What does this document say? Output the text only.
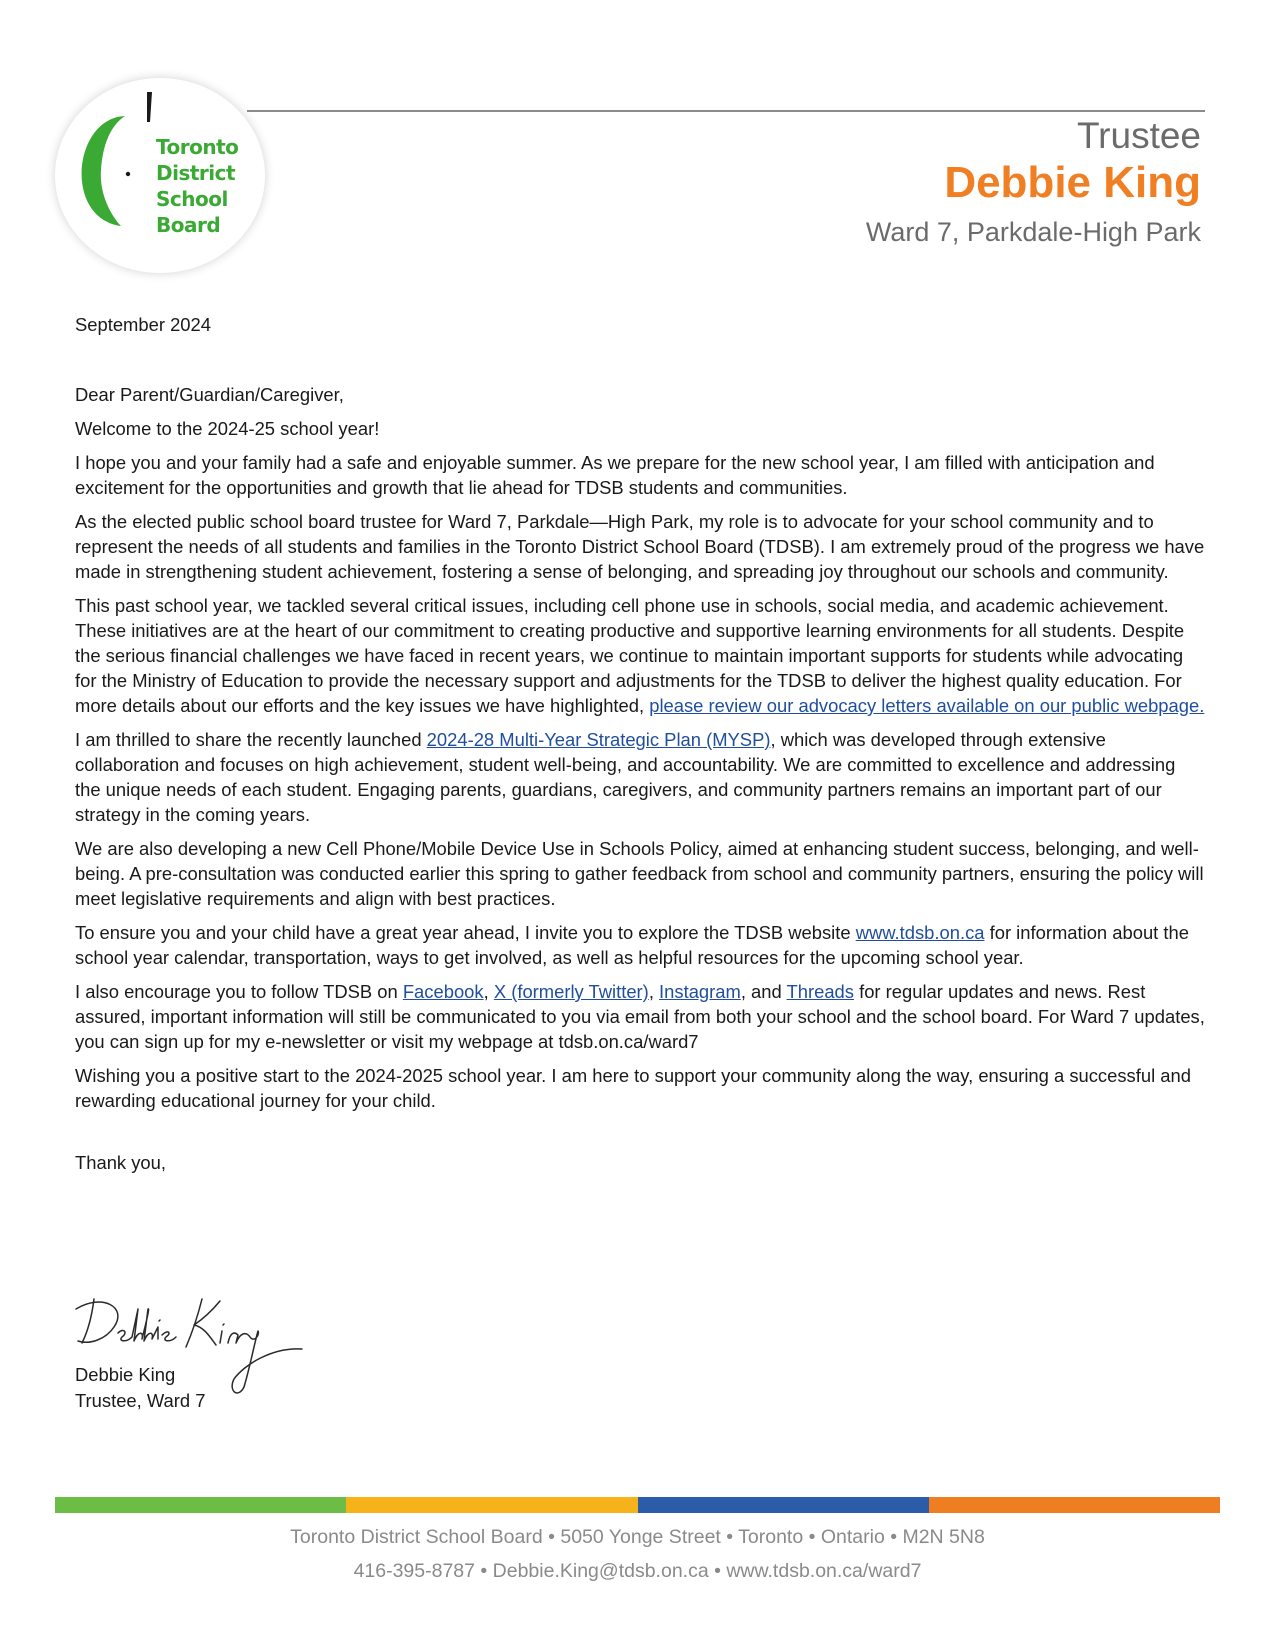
Toronto
District
School
Board
Trustee
Debbie King
Ward 7, Parkdale-High Park

September 2024

Dear Parent/Guardian/Caregiver,

Welcome to the 2024-25 school year!

I hope you and your family had a safe and enjoyable summer. As we prepare for the new school year, I am filled with anticipation and excitement for the opportunities and growth that lie ahead for TDSB students and communities.

As the elected public school board trustee for Ward 7, Parkdale—High Park, my role is to advocate for your school community and to represent the needs of all students and families in the Toronto District School Board (TDSB). I am extremely proud of the progress we have made in strengthening student achievement, fostering a sense of belonging, and spreading joy throughout our schools and community.

This past school year, we tackled several critical issues, including cell phone use in schools, social media, and academic achievement. These initiatives are at the heart of our commitment to creating productive and supportive learning environments for all students. Despite the serious financial challenges we have faced in recent years, we continue to maintain important supports for students while advocating for the Ministry of Education to provide the necessary support and adjustments for the TDSB to deliver the highest quality education. For more details about our efforts and the key issues we have highlighted, please review our advocacy letters available on our public webpage.

I am thrilled to share the recently launched 2024-28 Multi-Year Strategic Plan (MYSP), which was developed through extensive collaboration and focuses on high achievement, student well-being, and accountability. We are committed to excellence and addressing the unique needs of each student. Engaging parents, guardians, caregivers, and community partners remains an important part of our strategy in the coming years.

We are also developing a new Cell Phone/Mobile Device Use in Schools Policy, aimed at enhancing student success, belonging, and well-being. A pre-consultation was conducted earlier this spring to gather feedback from school and community partners, ensuring the policy will meet legislative requirements and align with best practices.

To ensure you and your child have a great year ahead, I invite you to explore the TDSB website www.tdsb.on.ca for information about the school year calendar, transportation, ways to get involved, as well as helpful resources for the upcoming school year.

I also encourage you to follow TDSB on Facebook, X (formerly Twitter), Instagram, and Threads for regular updates and news. Rest assured, important information will still be communicated to you via email from both your school and the school board. For Ward 7 updates, you can sign up for my e-newsletter or visit my webpage at tdsb.on.ca/ward7

Wishing you a positive start to the 2024-2025 school year. I am here to support your community along the way, ensuring a successful and rewarding educational journey for your child.

Thank you,

Debbie King
Trustee, Ward 7
Toronto District School Board • 5050 Yonge Street • Toronto • Ontario • M2N 5N8
416-395-8787 • Debbie.King@tdsb.on.ca • www.tdsb.on.ca/ward7
